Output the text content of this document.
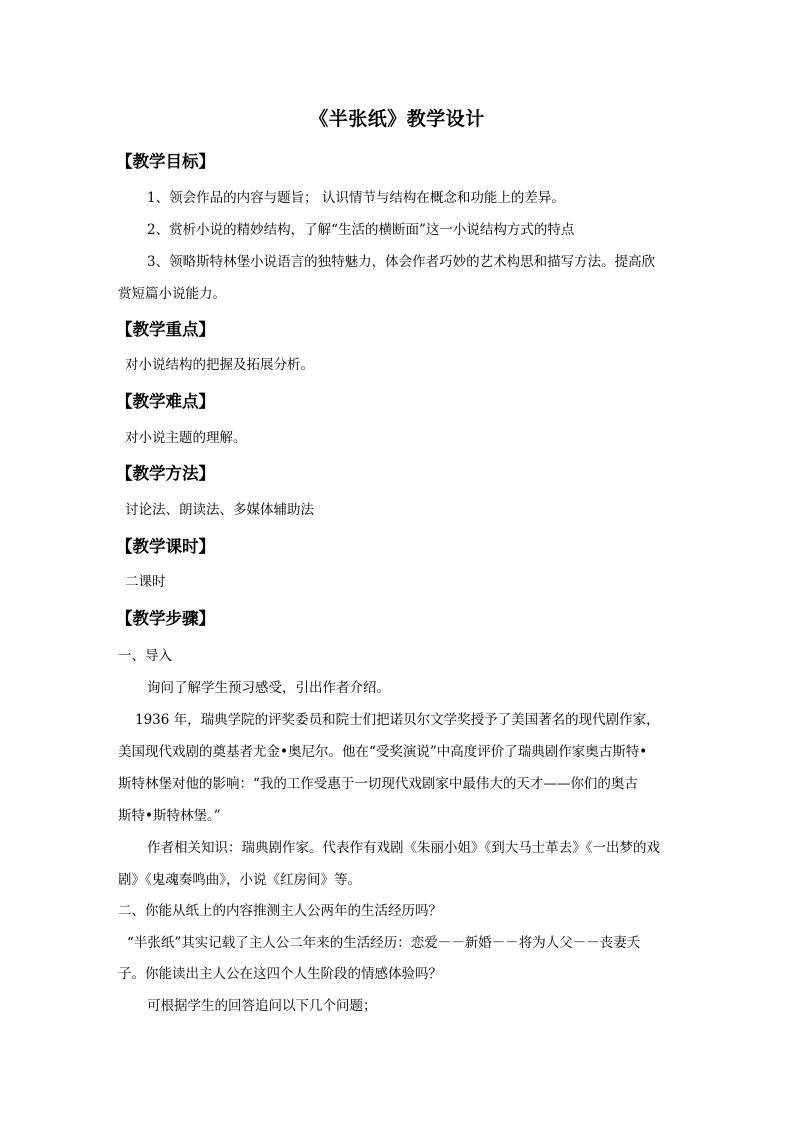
《半张纸》教学设计
【教学目标】
1、领会作品的内容与题旨； 认识情节与结构在概念和功能上的差异。
2、赏析小说的精妙结构，了解“生活的横断面”这一小说结构方式的特点
3、领略斯特林堡小说语言的独特魅力，体会作者巧妙的艺术构思和描写方法。提高欣
赏短篇小说能力。
【教学重点】
对小说结构的把握及拓展分析。
【教学难点】
对小说主题的理解。
【教学方法】
讨论法、朗读法、多媒体辅助法
【教学课时】
二课时
【教学步骤】
一、导入
询问了解学生预习感受，引出作者介绍。
1936 年，瑞典学院的评奖委员和院士们把诺贝尔文学奖授予了美国著名的现代剧作家，
美国现代戏剧的奠基者尤金•奥尼尔。他在“受奖演说”中高度评价了瑞典剧作家奥古斯特•
斯特林堡对他的影响：“我的工作受惠于一切现代戏剧家中最伟大的天才——你们的奥古
斯特•斯特林堡。”
作者相关知识：瑞典剧作家。代表作有戏剧《朱丽小姐》《到大马士革去》《一出梦的戏
剧》《鬼魂奏鸣曲》，小说《红房间》等。
二、你能从纸上的内容推测主人公两年的生活经历吗？
“半张纸”其实记载了主人公二年来的生活经历：恋爱－－新婚－－将为人父－－丧妻夭
子。你能读出主人公在这四个人生阶段的情感体验吗？
可根据学生的回答追问以下几个问题；
